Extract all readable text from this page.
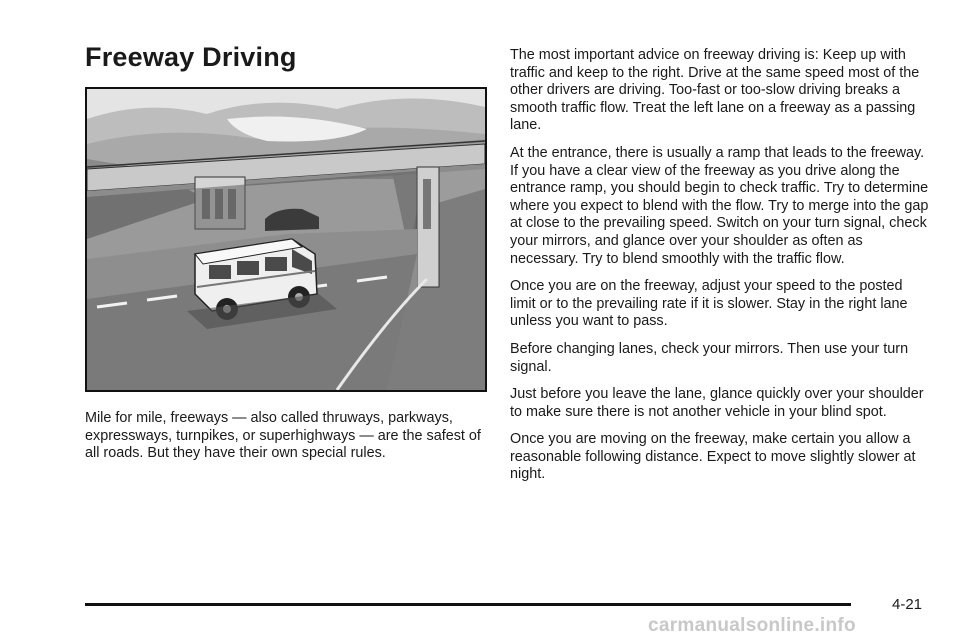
Freeway Driving

Mile for mile, freeways — also called thruways, parkways, expressways, turnpikes, or superhighways — are the safest of all roads. But they have their own special rules.

The most important advice on freeway driving is: Keep up with traffic and keep to the right. Drive at the same speed most of the other drivers are driving. Too-fast or too-slow driving breaks a smooth traffic flow. Treat the left lane on a freeway as a passing lane.

At the entrance, there is usually a ramp that leads to the freeway. If you have a clear view of the freeway as you drive along the entrance ramp, you should begin to check traffic. Try to determine where you expect to blend with the flow. Try to merge into the gap at close to the prevailing speed. Switch on your turn signal, check your mirrors, and glance over your shoulder as often as necessary. Try to blend smoothly with the traffic flow.

Once you are on the freeway, adjust your speed to the posted limit or to the prevailing rate if it is slower. Stay in the right lane unless you want to pass.

Before changing lanes, check your mirrors. Then use your turn signal.

Just before you leave the lane, glance quickly over your shoulder to make sure there is not another vehicle in your blind spot.

Once you are moving on the freeway, make certain you allow a reasonable following distance. Expect to move slightly slower at night.

4-21
carmanualsonline.info
